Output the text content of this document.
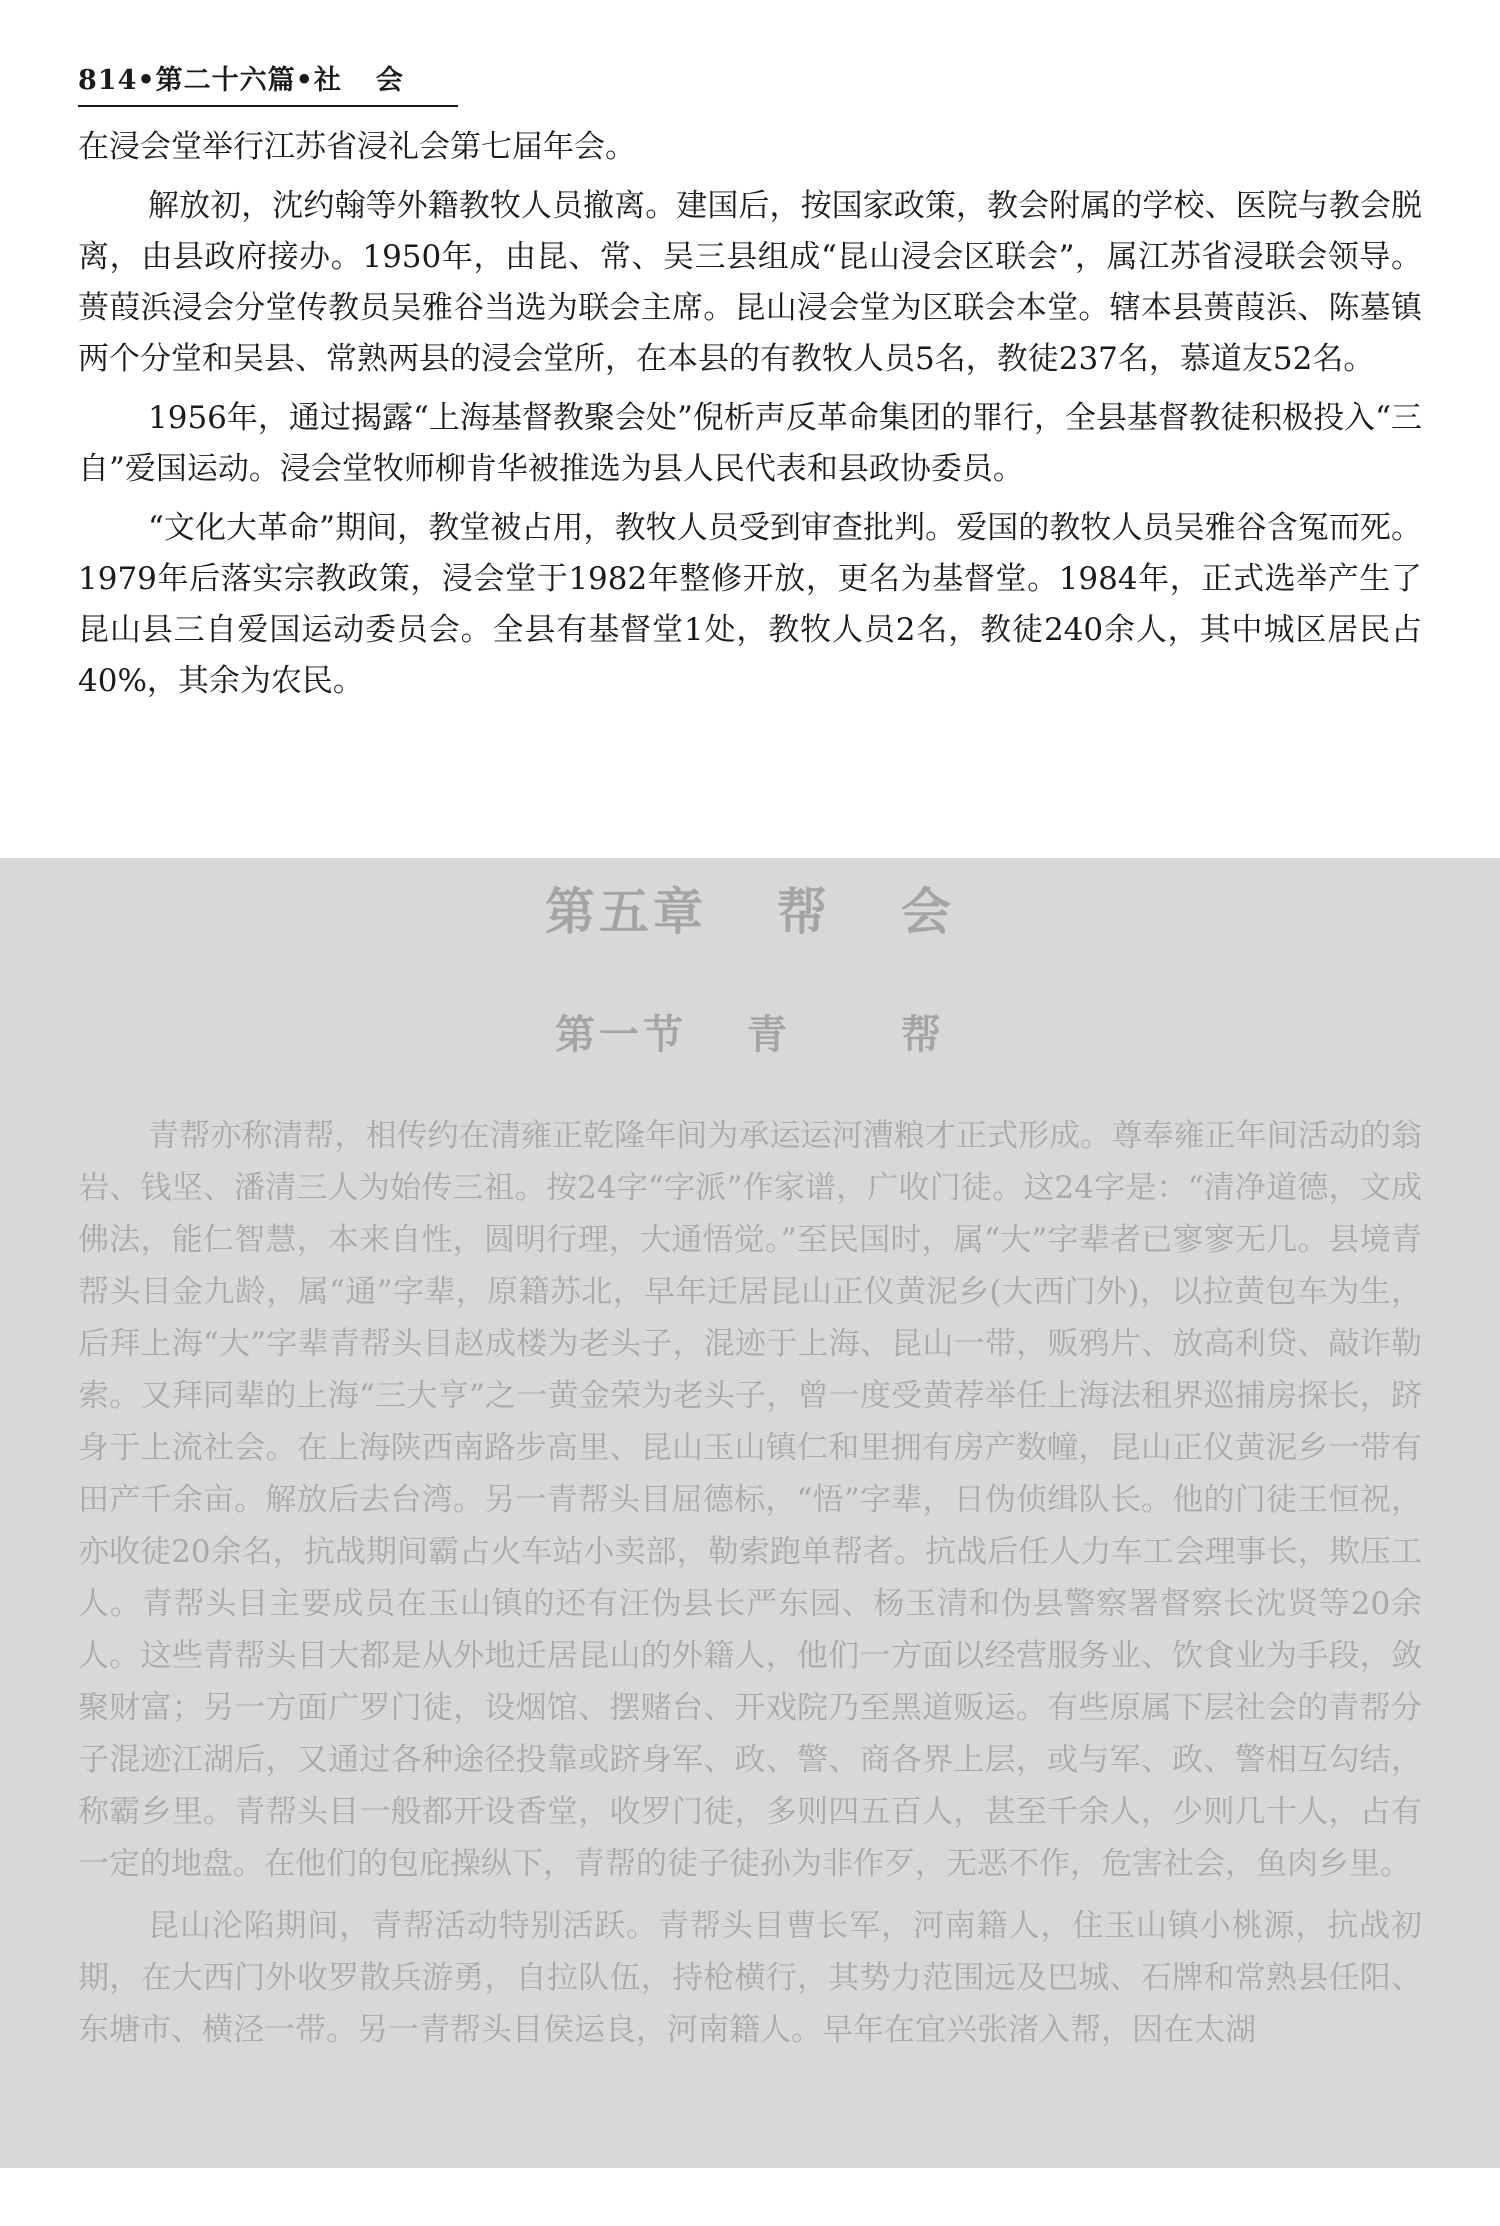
814•第二十六篇•社 会

在浸会堂举行江苏省浸礼会第七届年会。

解放初，沈约翰等外籍教牧人员撤离。建国后，按国家政策，教会附属的学校、医院与教会脱离，由县政府接办。1950年，由昆、常、吴三县组成“昆山浸会区联会”，属江苏省浸联会领导。蒉葭浜浸会分堂传教员吴雅谷当选为联会主席。昆山浸会堂为区联会本堂。辖本县蒉葭浜、陈墓镇两个分堂和吴县、常熟两县的浸会堂所，在本县的有教牧人员5名，教徒237名，慕道友52名。

1956年，通过揭露“上海基督教聚会处”倪析声反革命集团的罪行，全县基督教徒积极投入“三自”爱国运动。浸会堂牧师柳肯华被推选为县人民代表和县政协委员。

“文化大革命”期间，教堂被占用，教牧人员受到审查批判。爱国的教牧人员吴雅谷含冤而死。1979年后落实宗教政策，浸会堂于1982年整修开放，更名为基督堂。1984年，正式选举产生了昆山县三自爱国运动委员会。全县有基督堂1处，教牧人员2名，教徒240余人，其中城区居民占40%，其余为农民。

第五章 帮 会
第一节 青	帮

青帮亦称清帮，相传约在清雍正乾隆年间为承运运河漕粮才正式形成。尊奉雍正年间活动的翁岩、钱坚、潘清三人为始传三祖。按24字“字派”作家谱，广收门徒。这24字是：“清净道德，文成佛法，能仁智慧，本来自性，圆明行理，大通悟觉。”至民国时，属“大”字辈者已寥寥无几。县境青帮头目金九龄，属“通”字辈，原籍苏北，早年迁居昆山正仪黄泥乡(大西门外)，以拉黄包车为生，后拜上海“大”字辈青帮头目赵成楼为老头子，混迹于上海、昆山一带，贩鸦片、放高利贷、敲诈勒索。又拜同辈的上海“三大亨”之一黄金荣为老头子，曾一度受黄荐举任上海法租界巡捕房探长，跻身于上流社会。在上海陕西南路步高里、昆山玉山镇仁和里拥有房产数幢，昆山正仪黄泥乡一带有田产千余亩。解放后去台湾。另一青帮头目屈德标，“悟”字辈，日伪侦缉队长。他的门徒王恒祝，亦收徒20余名，抗战期间霸占火车站小卖部，勒索跑单帮者。抗战后任人力车工会理事长，欺压工人。青帮头目主要成员在玉山镇的还有汪伪县长严东园、杨玉清和伪县警察署督察长沈贤等20余人。这些青帮头目大都是从外地迁居昆山的外籍人，他们一方面以经营服务业、饮食业为手段，敛聚财富；另一方面广罗门徒，设烟馆、摆赌台、开戏院乃至黑道贩运。有些原属下层社会的青帮分子混迹江湖后，又通过各种途径投靠或跻身军、政、警、商各界上层，或与军、政、警相互勾结，称霸乡里。青帮头目一般都开设香堂，收罗门徒，多则四五百人，甚至千余人，少则几十人，占有一定的地盘。在他们的包庇操纵下，青帮的徒子徒孙为非作歹，无恶不作，危害社会，鱼肉乡里。

昆山沦陷期间，青帮活动特别活跃。青帮头目曹长军，河南籍人，住玉山镇小桃源，抗战初期，在大西门外收罗散兵游勇，自拉队伍，持枪横行，其势力范围远及巴城、石牌和常熟县任阳、东塘市、横泾一带。另一青帮头目侯运良，河南籍人。早年在宜兴张渚入帮，因在太湖
